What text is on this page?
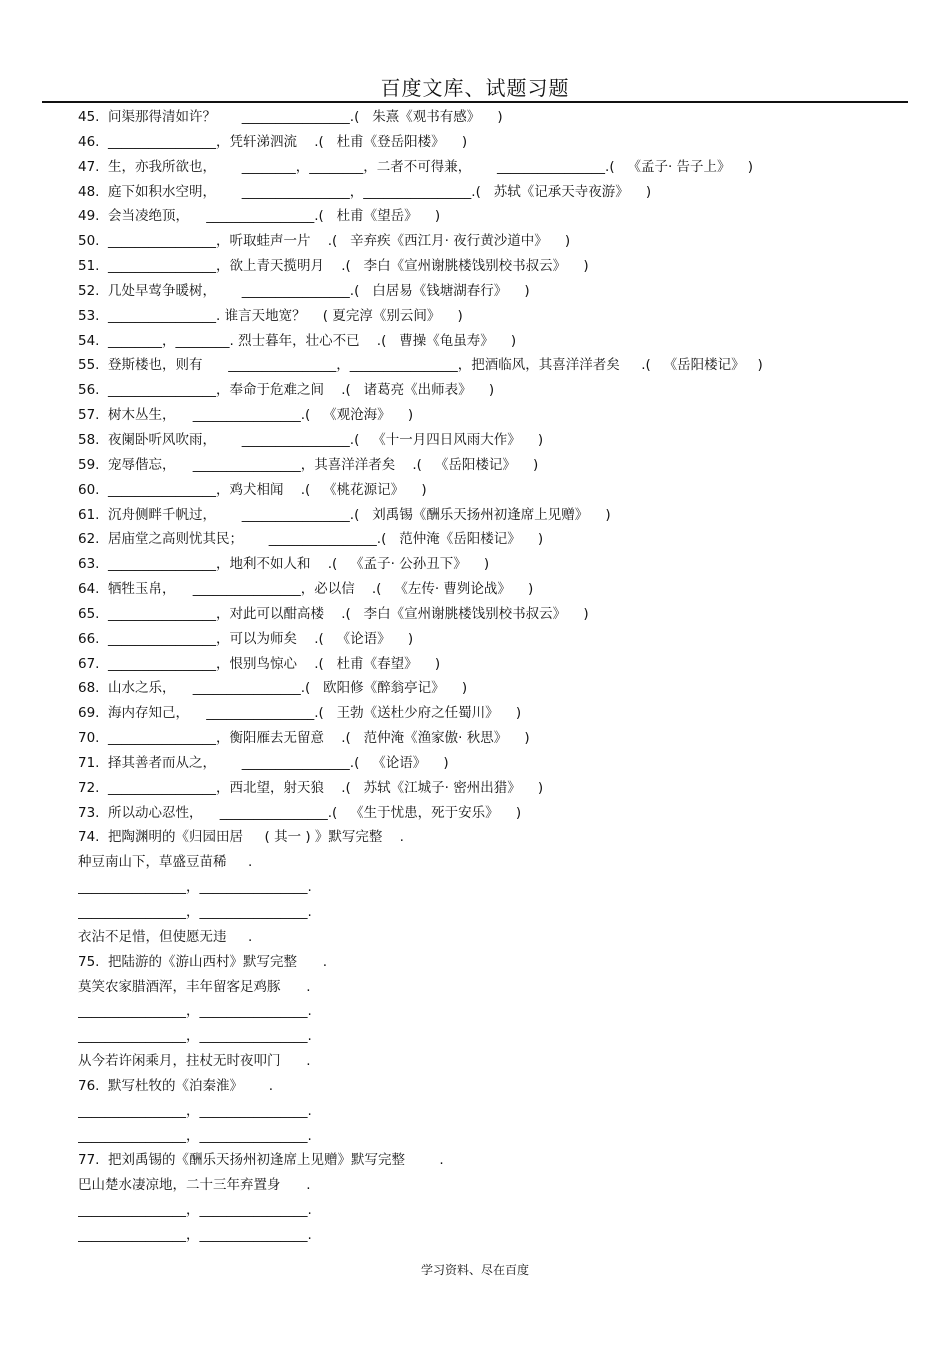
百度文库、试题习题
45.  问渠那得清如许？      ________________.(   朱熹《观书有感》    )
46.  ________________，凭轩涕泗流    .(   杜甫《登岳阳楼》    )
47.  生，亦我所欲也，      ________，________，二者不可得兼，      ________________.(   《孟子· 告子上》    )
48.  庭下如积水空明，      ________________，________________.(   苏轼《记承天寺夜游》    )
49.  会当凌绝顶，    ________________.(   杜甫《望岳》    )
50.  ________________，听取蛙声一片    .(   辛弃疾《西江月· 夜行黄沙道中》    )
51.  ________________，欲上青天揽明月    .(   李白《宣州谢朓楼饯别校书叔云》    )
52.  几处早莺争暖树，      ________________.(   白居易《钱塘湖春行》    )
53.  ________________. 谁言天地宽？    ( 夏完淳《别云间》    )
54.  ________，________. 烈士暮年，壮心不已    .(   曹操《龟虽寿》    )
55.  登斯楼也，则有      ________________，________________，把酒临风，其喜洋洋者矣     .(   《岳阳楼记》   )
56.  ________________，奉命于危难之间    .(   诸葛亮《出师表》    )
57.  树木丛生，    ________________.(   《观沧海》    )
58.  夜阑卧听风吹雨，      ________________.(   《十一月四日风雨大作》    )
59.  宠辱偕忘，    ________________，其喜洋洋者矣    .(   《岳阳楼记》    )
60.  ________________，鸡犬相闻    .(   《桃花源记》    )
61.  沉舟侧畔千帆过，      ________________.(   刘禹锡《酬乐天扬州初逢席上见赠》    )
62.  居庙堂之高则忧其民；      ________________.(   范仲淹《岳阳楼记》    )
63.  ________________，地利不如人和    .(   《孟子· 公孙丑下》    )
64.  牺牲玉帛，    ________________，必以信    .(   《左传· 曹刿论战》    )
65.  ________________，对此可以酣高楼    .(   李白《宣州谢朓楼饯别校书叔云》    )
66.  ________________，可以为师矣    .(   《论语》    )
67.  ________________，恨别鸟惊心    .(   杜甫《春望》    )
68.  山水之乐，    ________________.(   欧阳修《醉翁亭记》    )
69.  海内存知己，    ________________.(   王勃《送杜少府之任蜀川》    )
70.  ________________，衡阳雁去无留意    .(   范仲淹《渔家傲· 秋思》    )
71.  择其善者而从之，      ________________.(   《论语》    )
72.  ________________，西北望，射天狼    .(   苏轼《江城子· 密州出猎》    )
73.  所以动心忍性，    ________________.(   《生于忧患，死于安乐》    )
74.  把陶渊明的《归园田居     ( 其一 ) 》默写完整    .
种豆南山下，草盛豆苗稀     .
________________，________________.
________________，________________.
衣沾不足惜，但使愿无违     .
75.  把陆游的《游山西村》默写完整      .
莫笑农家腊酒浑，丰年留客足鸡豚      .
________________，________________.
________________，________________.
从今若许闲乘月，拄杖无时夜叩门      .
76.  默写杜牧的《泊秦淮》      .
________________，________________.
________________，________________.
77.  把刘禹锡的《酬乐天扬州初逢席上见赠》默写完整        .
巴山楚水凄凉地，二十三年弃置身      .
________________，________________.
________________，________________.
学习资料、尽在百度
